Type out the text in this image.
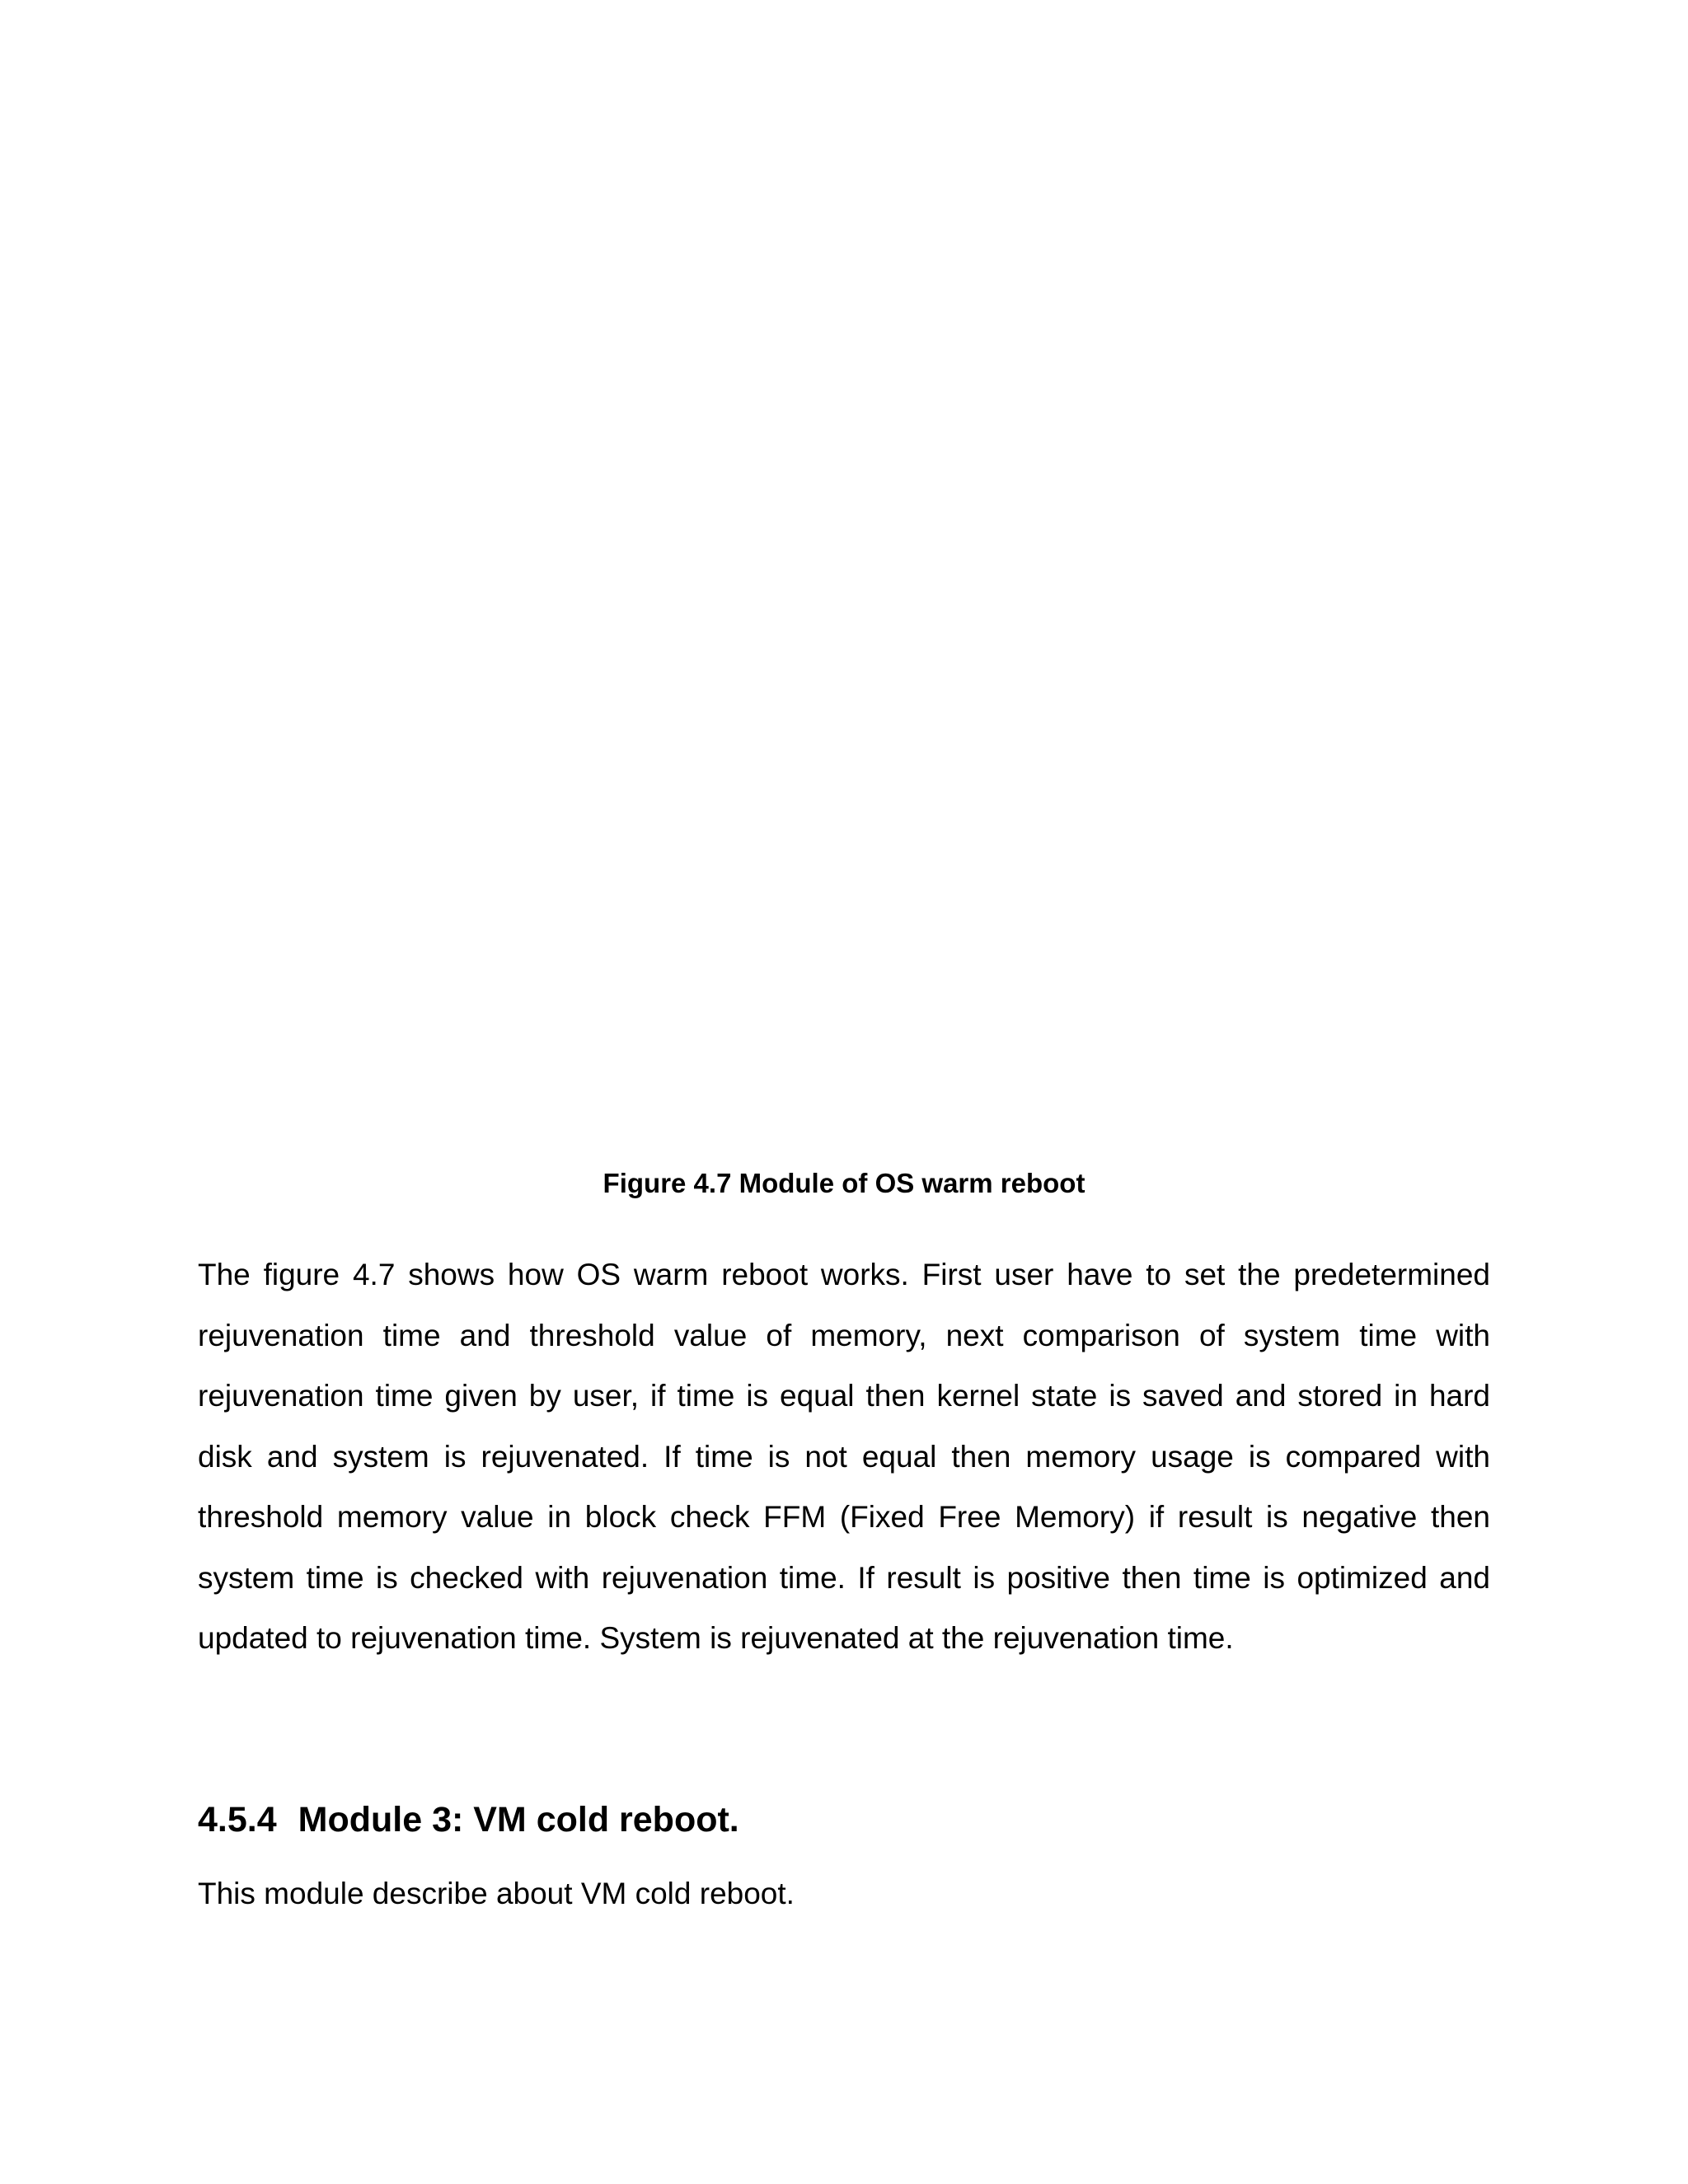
Figure 4.7 Module of OS warm reboot

The figure 4.7 shows how OS warm reboot works. First user have to set the predetermined rejuvenation time and threshold value of memory, next comparison of system time with rejuvenation time given by user, if time is equal then kernel state is saved and stored in hard disk and system is rejuvenated. If time is not equal then memory usage is compared with threshold memory value in block check FFM (Fixed Free Memory) if result is negative then system time is checked with rejuvenation time. If result is positive then time is optimized and updated to rejuvenation time. System is rejuvenated at the rejuvenation time.

4.5.4 Module 3: VM cold reboot.

This module describe about VM cold reboot.
